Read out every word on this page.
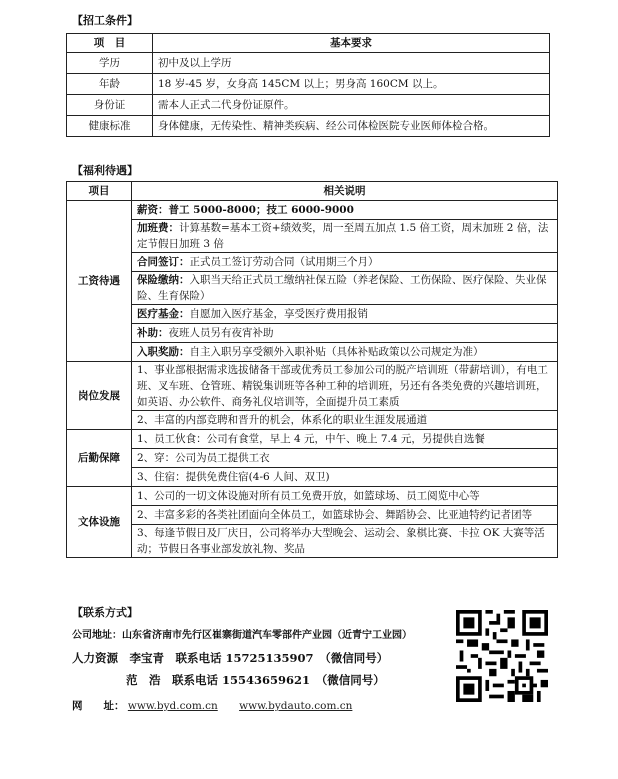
【招工条件】
项　目	基本要求
学历	初中及以上学历
年龄	18 岁-45 岁，女身高 145CM 以上；男身高 160CM 以上。
身份证	需本人正式二代身份证原件。
健康标准	身体健康，无传染性、精神类疾病、经公司体检医院专业医师体检合格。
【福利待遇】
项目	相关说明
工资待遇	薪资：普工 5000-8000；技工 6000-9000
	加班费：计算基数=基本工资+绩效奖，周一至周五加点 1.5 倍工资，周末加班 2 倍，法定节假日加班 3 倍
	合同签订：正式员工签订劳动合同（试用期三个月）
	保险缴纳：入职当天给正式员工缴纳社保五险（养老保险、工伤保险、医疗保险、失业保险、生育保险）
	医疗基金：自愿加入医疗基金，享受医疗费用报销
	补助：夜班人员另有夜宵补助
	入职奖励：自主入职另享受额外入职补贴（具体补贴政策以公司规定为准）
岗位发展	1、事业部根据需求选拔储备干部或优秀员工参加公司的脱产培训班（带薪培训），有电工班、叉车班、仓管班、精锐集训班等各种工种的培训班，另还有各类免费的兴趣培训班，如英语、办公软件、商务礼仪培训等，全面提升员工素质
	2、丰富的内部竞聘和晋升的机会，体系化的职业生涯发展通道
后勤保障	1、员工伙食：公司有食堂，早上 4 元，中午、晚上 7.4 元，另提供自选餐
	2、穿：公司为员工提供工衣
	3、住宿：提供免费住宿(4-6 人间、双卫)
文体设施	1、公司的一切文体设施对所有员工免费开放，如篮球场、员工阅览中心等
	2、丰富多彩的各类社团面向全体员工，如篮球协会、舞蹈协会、比亚迪特约记者团等
	3、每逢节假日及厂庆日，公司将举办大型晚会、运动会、象棋比赛、卡拉 OK 大赛等活动；节假日各事业部发放礼物、奖品
【联系方式】
公司地址：山东省济南市先行区崔寨街道汽车零部件产业园（近青宁工业园）
人力资源　李宝青　联系电话 15725135907　（微信同号）
范　浩　联系电话 15543659621　（微信同号）
网　　址： www.byd.com.cn www.bydauto.com.cn
